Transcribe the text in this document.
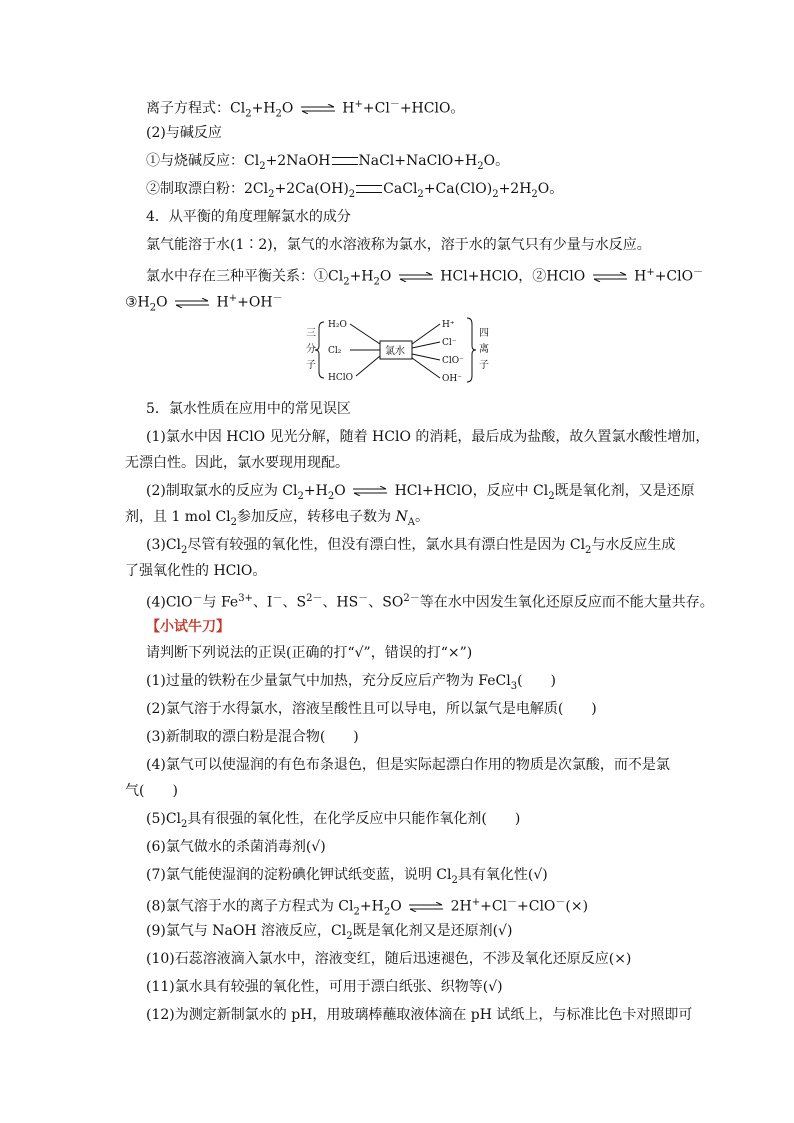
离子方程式：$Cl_2+H_2O$ ⇌ H++Cl－+HClO。
(2)与碱反应
①与烧碱反应：$Cl_2+2NaOH$ $NaCl+NaClO+H_2O$。
②制取漂白粉：$2Cl_2+2Ca(OH)_2$ $CaCl_2+Ca(ClO)_2+2H_2O$。
4．从平衡的角度理解氯水的成分
氯气能溶于水(1∶2)，氯气的水溶液称为氯水，溶于水的氯气只有少量与水反应。
氯水中存在三种平衡关系：$①Cl_2+H_2O$ ⇌ HCl+HClO，②HClO ⇌ H++ClO－
$③H_2O$ ⇌ H++OH－
三
分
子
H₂O
Cl₂
HClO
氯水
H⁺
Cl⁻
ClO⁻
OH⁻
四
离
子
5．氯水性质在应用中的常见误区
(1)氯水中因 HClO 见光分解，随着 HClO 的消耗，最后成为盐酸，故久置氯水酸性增加，
无漂白性。因此，氯水要现用现配。
(2)制取氯水的反应为 $Cl_2+H_2O$ ⇌ HCl+HClO，反应中 $Cl_2$既是氧化剂，又是还原
剂，且 1 mol $Cl_2$参加反应，转移电子数为 $N_A$。
$(3)Cl_2$尽管有较强的氧化性，但没有漂白性，氯水具有漂白性是因为 $Cl_2$与水反应生成
了强氧化性的 HClO。
(4)ClO－与 $Fe^{3+}$、I－、$S^{2-}$、HS－、$SO^{2-}$等在水中因发生氧化还原反应而不能大量共存。
【小试牛刀】
请判断下列说法的正误(正确的打“√”，错误的打“×”)
(1)过量的铁粉在少量氯气中加热，充分反应后产物为 FeCl$_3$(　　)
(2)氯气溶于水得氯水，溶液呈酸性且可以导电，所以氯气是电解质(　　)
(3)新制取的漂白粉是混合物(　　)
(4)氯气可以使湿润的有色布条退色，但是实际起漂白作用的物质是次氯酸，而不是氯
气(　　)
$(5)Cl_2$具有很强的氧化性，在化学反应中只能作氧化剂(　　)
(6)氯气做水的杀菌消毒剂(√)
(7)氯气能使湿润的淀粉碘化钾试纸变蓝，说明 $Cl_2$具有氧化性(√)
(8)氯气溶于水的离子方程式为 $Cl_2+H_2O$ ⇌ 2H++Cl－+ClO－(×)
(9)氯气与 NaOH 溶液反应，$Cl_2$既是氧化剂又是还原剂(√)
(10)石蕊溶液滴入氯水中，溶液变红，随后迅速褪色，不涉及氧化还原反应(×)
(11)氯水具有较强的氧化性，可用于漂白纸张、织物等(√)
(12)为测定新制氯水的 pH，用玻璃棒蘸取液体滴在 pH 试纸上，与标准比色卡对照即可
